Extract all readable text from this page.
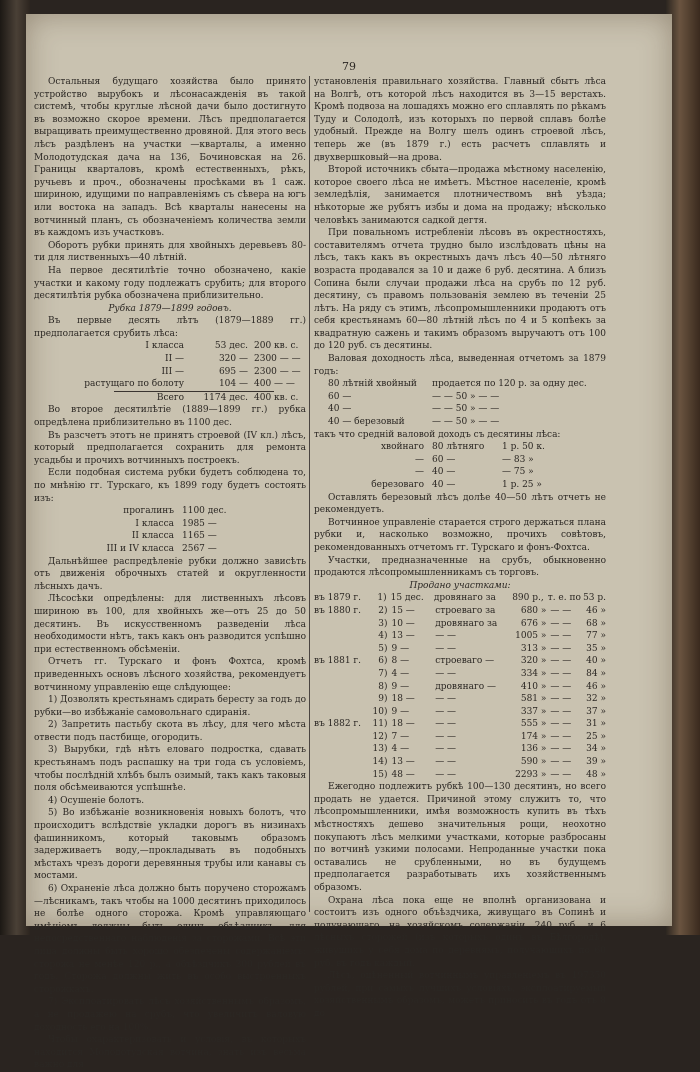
79

Остальныя будущаго хозяйства было принято устройство вырубокъ и лѣсонасажденія въ такой системѣ, чтобы круглые лѣсной дачи было достигнуто въ возможно скорое времени. Лѣсъ предполагается выращивать преимущественно дровяной. Для этого весь лѣсъ раздѣленъ на участки —кварталы, а именно Молодотудская дача на 136, Бочиновская на 26. Границы кварталовъ, кромѣ естественныхъ, рѣкъ, ручьевъ и проч., обозначены просѣками въ 1 саж. шириною, идущими по направленіямъ съ сѣвера на югъ или востока на западъ. Всѣ кварталы нанесены на вотчинный планъ, съ обозначеніемъ количества земли въ каждомъ изъ участковъ.

Оборотъ рубки принять для хвойныхъ деревьевъ 80-ти для лиственныхъ—40 лѣтній.

На первое десятилѣтіе точно обозначено, какіе участки и какому году подлежатъ срубить; для второго десятилѣтія рубка обозначена приблизительно.

Рубка 1879—1899 годовъ.

Въ первые десять лѣтъ (1879—1889 гг.) предполагается срубить лѣса:

I класса	53 дес. 200 кв. с.
II —	320 — 2300 — —
III —	695 — 2300 — —
растущаго по болоту	104 — 400 — —
Всего	1174 дес. 400 кв. с.

Во второе десятилѣтіе (1889—1899 гг.) рубка опредѣлена приблизительно въ 1100 дес.

Въ разсчетъ этотъ не принятъ строевой (IV кл.) лѣсъ, который предполагается сохранить для ремонта усадьбы и прочихъ вотчинныхъ построекъ.

Если подобная система рубки будетъ соблюдена то, по мнѣнію гг. Турскаго, къ 1899 году будетъ состоять изъ:

прогалинъ 1100 дес.
I класса 1985 —
II класса 1165 —
III и IV класса 2567 —

Дальнѣйшее распредѣленіе рубки должно зависѣть отъ движенія оброчныхъ статей и округленности лѣсныхъ дачъ.

Лѣсосѣки опредѣлены: для лиственныхъ лѣсовъ шириною въ 100, для хвойныхъ же—отъ 25 до 50 десятинъ. Въ искусственномъ разведеніи лѣса необходимости нѣтъ, такъ какъ онъ разводится успѣшно при естественномъ обсѣменіи.

Отчетъ гг. Турскаго и фонъ Фохтса, кромѣ приведенныхъ основъ лѣсного хозяйства, рекомендуетъ вотчинному управленію еще слѣдующее:

1) Дозволять крестьянамъ сдирать бересту за годъ до рубки—во избѣжаніе самовольнаго сдиранія.

2) Запретить пастьбу скота въ лѣсу, для чего мѣста отвести подъ пастбище, огородить.

3) Вырубки, гдѣ нѣтъ еловаго подростка, сдавать крестьянамъ подъ распашку на три года съ условіемъ, чтобы послѣдній хлѣбъ былъ озимый, такъ какъ таковыя поля обсѣмеиваются успѣшнѣе.

4) Осушеніе болотъ.

5) Во избѣжаніе возникновенія новыхъ болотъ, что происходитъ вслѣдствіе укладки дорогъ въ низинахъ фашинникомъ, который таковымъ образомъ задерживаетъ воду,—прокладывать въ подобныхъ мѣстахъ чрезъ дороги деревянныя трубы или канавы съ мостами.

6) Охраненіе лѣса должно быть поручено сторожамъ—лѣсникамъ, такъ чтобы на 1000 десятинъ приходилось не болѣе одного сторожа. Кромѣ управляющаго имѣніемъ должны быть одинъ объѣздчикъ, для непосредственнаго наблюденія за сторожами. Всѣ эти лица должны быть хорошо обезпечены содержаніемъ: сторожа не менѣе 120 р., а объѣздчикъ 300 рублей въ годъ. Сторожа должны жить въ особо выстроенныхъ сторожкахъ.

7) Эксплоатировать лѣсъ хозяйственнымъ образомъ, а не продажею на срубъ, что увеличитъ валовую доходность его на 100%.

Чтобы охарактеризовать и условія, въ которыхъ находится Молодотудская вотчина, знать изъ весьма важно для

установленія правильнаго хозяйства. Главный сбытъ лѣса на Волгѣ, отъ которой лѣсъ находится въ 3—15 верстахъ. Кромѣ подвоза на лошадяхъ можно его сплавлять по рѣкамъ Туду и Солодолѣ, изъ которыхъ по первой сплавъ болѣе удобный. Прежде на Волгу шелъ одинъ строевой лѣсъ, теперь же (въ 1879 г.) есть расчетъ сплавлять и двухвершковый—на дрова.

Второй источникъ сбыта—продажа мѣстному населенію, которое своего лѣса не имѣетъ. Мѣстное населеніе, кромѣ земледѣлія, занимается плотничествомъ внѣ уѣзда; нѣкоторые же рубятъ избы и дома на продажу; нѣсколько человѣкъ занимаются садкой дегтя.

При повальномъ истребленіи лѣсовъ въ окрестностяхъ, составителямъ отчета трудно было изслѣдовать цѣны на лѣсъ, такъ какъ въ окрестныхъ дачъ лѣсъ 40—50 лѣтняго возраста продавался за 10 и даже 6 руб. десятина. А близъ Сопина были случаи продажи лѣса на срубъ по 12 руб. десятину, съ правомъ пользованія землею въ теченіи 25 лѣтъ. На ряду съ этимъ, лѣсопромышленники продаютъ отъ себя крестьянамъ 60—80 лѣтній лѣсъ по 4 и 5 копѣекъ за квадратную сажень и такимъ образомъ выручаютъ отъ 100 до 120 руб. съ десятины.

Валовая доходность лѣса, выведенная отчетомъ за 1879 годъ:

80 лѣтній хвойный	продается по 120 р. за одну дес.
60 —	— — 50 » — —
40 —	— — 50 » — —
40 — березовый	— — 50 » — —

такъ что средній валовой доходъ съ десятины лѣса:

хвойнаго 80 лѣтняго	1 р. 50 к.
— 60 —	— 83 »
— 40 —	— 75 »
березоваго 40 —	1 р. 25 »

Оставлять березовый лѣсъ долѣе 40—50 лѣтъ отчетъ не рекомендуетъ.

Вотчинное управленіе старается строго держаться плана рубки и, насколько возможно, прочихъ совѣтовъ, рекомендованныхъ отчетомъ гг. Турскаго и фонъ-Фохтса.

Участки, предназначенные на срубъ, обыкновенно продаются лѣсопромышленникамъ съ торговъ.

Продано участками:

въ 1879 г.	1) 15 дес.	дровянаго за	890 р., т. е. по 53 р.
въ 1880 г.	2) 15 —	строеваго за	680 » — —	46 »
3) 10 —	дровянаго за	676 » — —	68 »
4) 13 —	— —	1005 » — —	77 »
5) 9 —	— —	313 » — —	35 »
въ 1881 г.	6) 8 —	строеваго —	320 » — —	40 »
7) 4 —	— —	334 » — —	84 »
8) 9 —	дровянаго —	410 » — —	46 »
9) 18 —	— —	581 » — —	32 »
10) 9 —	— —	337 » — —	37 »
въ 1882 г.	11) 18 —	— —	555 » — —	31 »
12) 7 —	— —	174 » — —	25 »
13) 4 —	— —	136 » — —	34 »
14) 13 —	— —	590 » — —	39 »
15) 48 —	— —	2293 » — —	48 »

Ежегодно подлежитъ рубкѣ 100—130 десятинъ, но всего продать не удается. Причиной этому служитъ то, что лѣсопромышленники, имѣя возможность купить въ тѣхъ мѣстностяхъ дешево значительныя рощи, неохотно покупаютъ лѣсъ мелкими участками, которые разбросаны по вотчинѣ узкими полосами. Непроданные участки пока оставались не срубленными, но въ будущемъ предполагается разработывать ихъ хозяйственнымъ образомъ.

Охрана лѣса пока еще не вполнѣ организована и состоитъ изъ одного объѣздчика, живущаго въ Сопинѣ и получающаго, на хозяйскомъ содержаніи, 240 руб., и 6 лѣсныхъ сторожей (изъ которыхъ одинъ въ Бѣлгородѣ), живущихъ у себя дома по деревнямъ, получающихъ по 60 руб. въ годъ каждый.

Лѣсъ, оцѣненный вотчиннымъ управленіемъ въ 197350 рублей, при самыхъ лучшихъ условіяхъ, эксплоатируемый хозяйственнымъ образомъ, можетъ приносить въ годъ отъ 8 до
